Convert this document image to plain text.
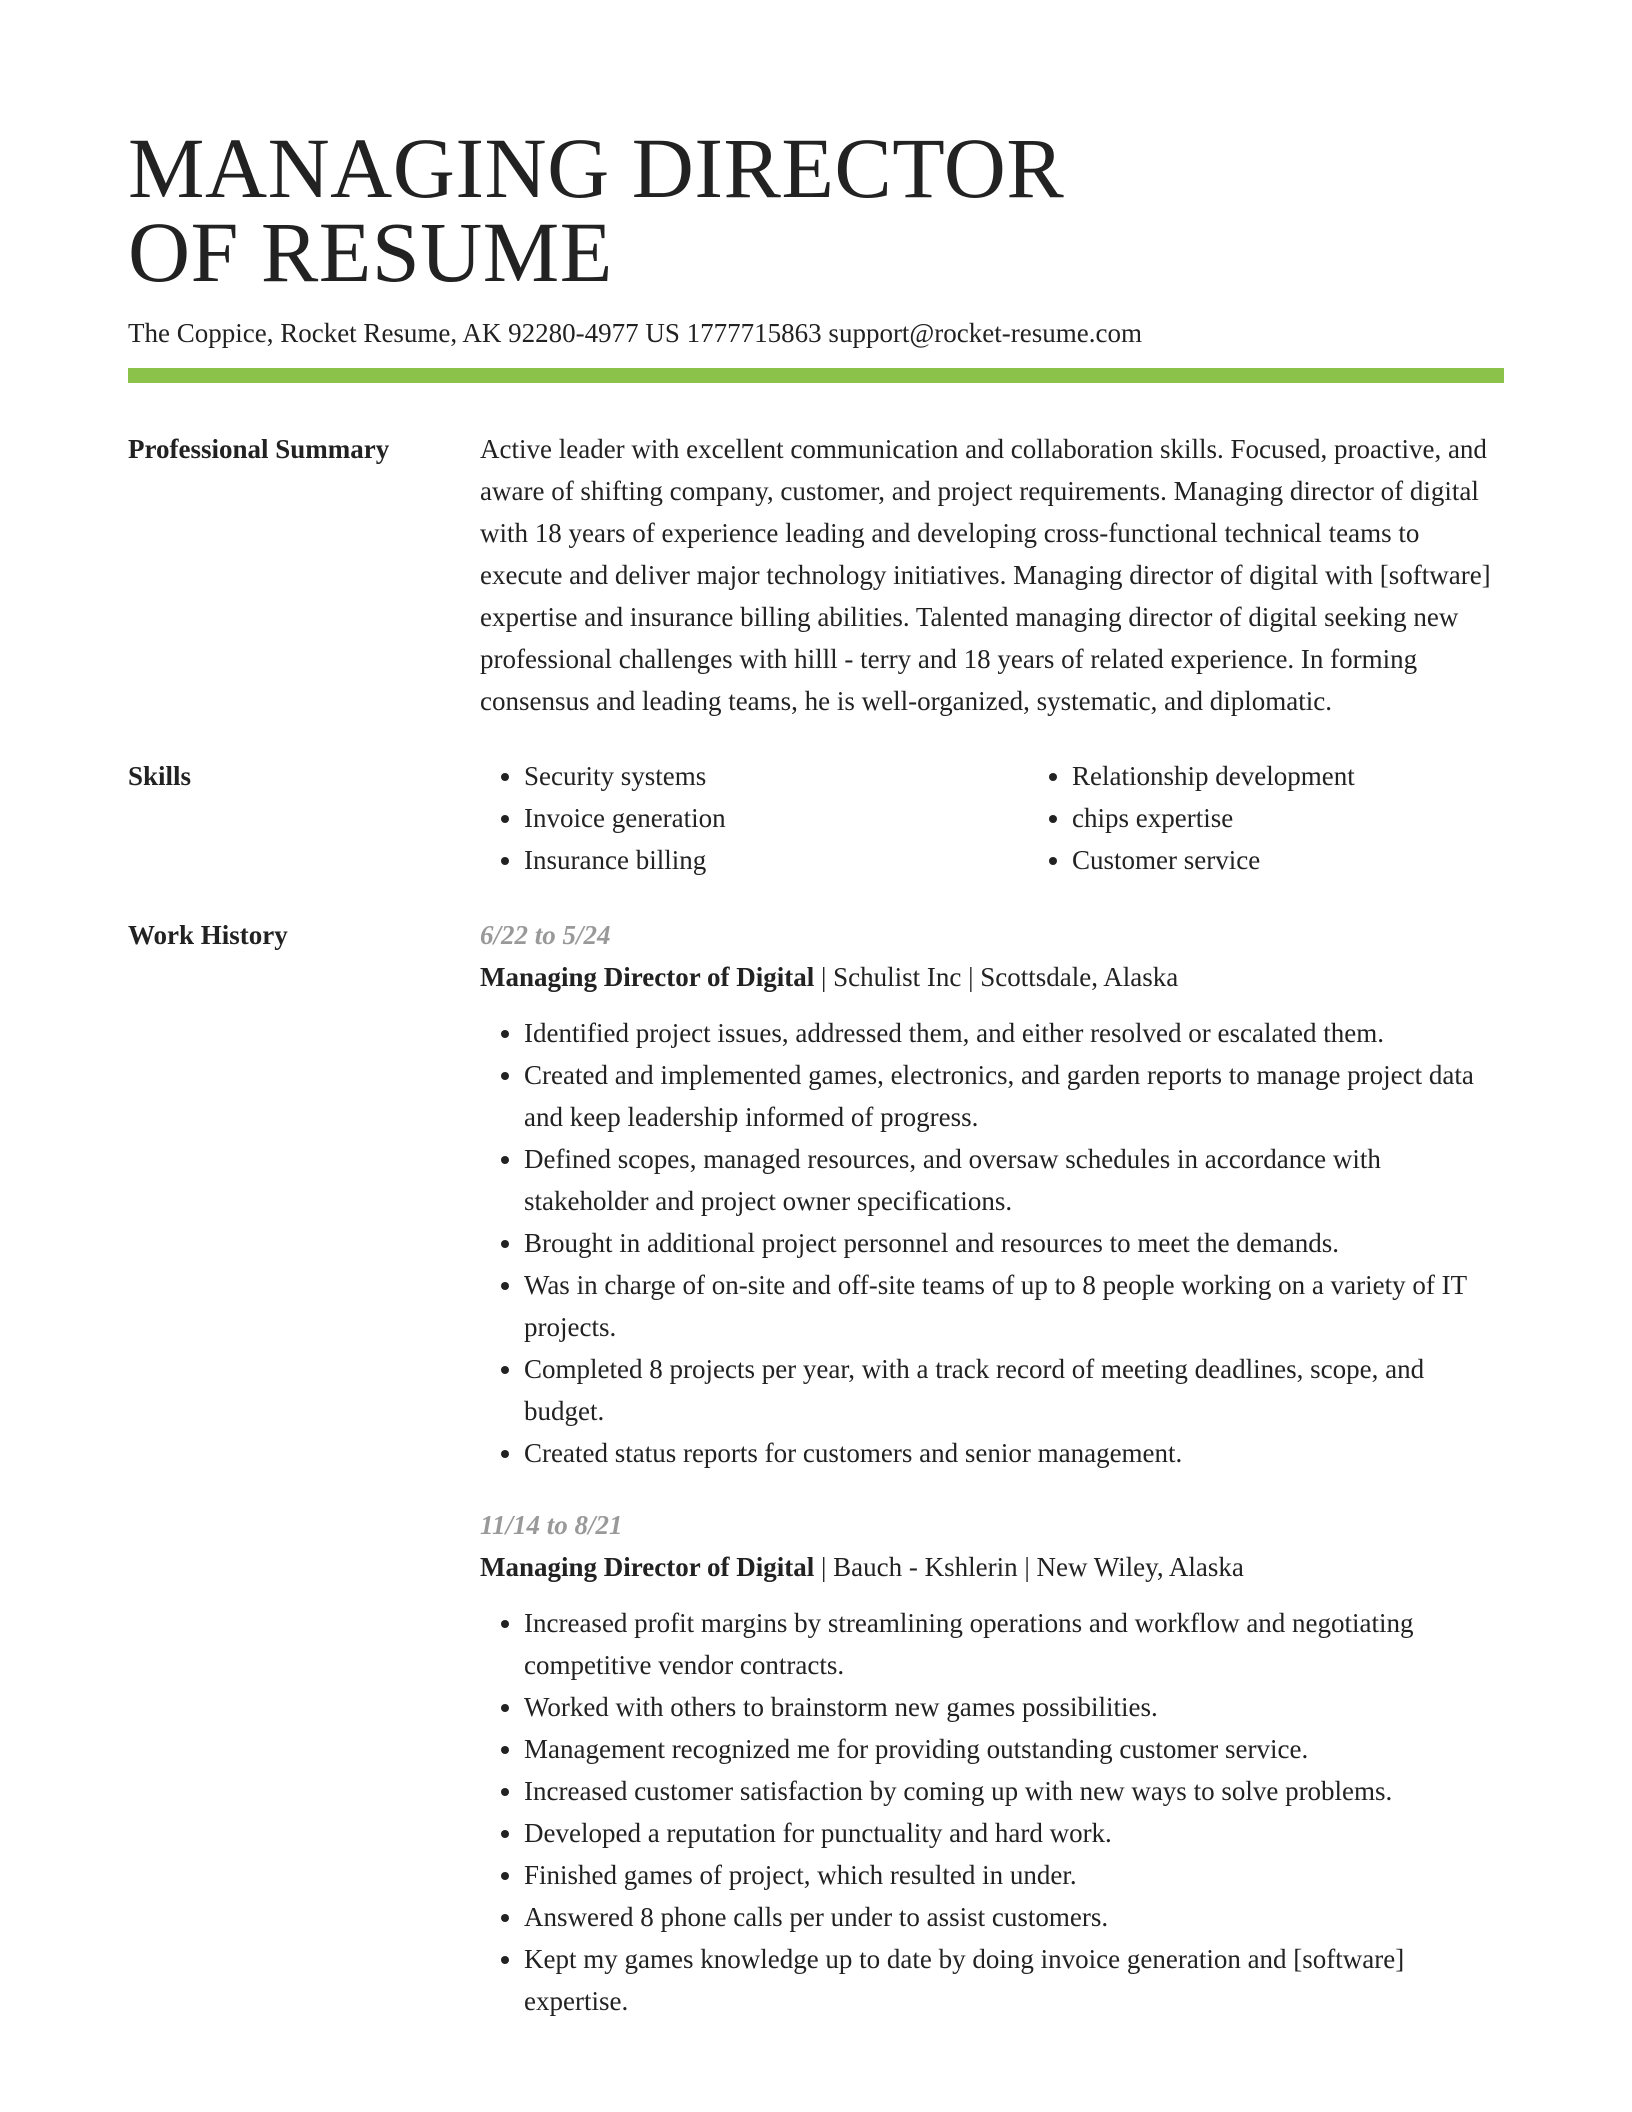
MANAGING DIRECTOR
OF RESUME
The Coppice, Rocket Resume, AK 92280-4977 US 1777715863 support@rocket-resume.com
Professional Summary	Active leader with excellent communication and collaboration skills. Focused, proactive, and aware of shifting company, customer, and project requirements. Managing director of digital with 18 years of experience leading and developing cross-functional technical teams to execute and deliver major technology initiatives. Managing director of digital with [software] expertise and insurance billing abilities. Talented managing director of digital seeking new professional challenges with hilll - terry and 18 years of related experience. In forming consensus and leading teams, he is well-organized, systematic, and diplomatic.
Skills
•	Security systems
• Invoice generation
• Insurance billing
• Relationship development
• chips expertise
• Customer service
Work History	6/22 to 5/24
Managing Director of Digital | Schulist Inc | Scottsdale, Alaska
• Identified project issues, addressed them, and either resolved or escalated them.
• Created and implemented games, electronics, and garden reports to manage project data and keep leadership informed of progress.
• Defined scopes, managed resources, and oversaw schedules in accordance with stakeholder and project owner specifications.
• Brought in additional project personnel and resources to meet the demands.
• Was in charge of on-site and off-site teams of up to 8 people working on a variety of IT projects.
• Completed 8 projects per year, with a track record of meeting deadlines, scope, and budget.
• Created status reports for customers and senior management.
11/14 to 8/21
Managing Director of Digital | Bauch - Kshlerin | New Wiley, Alaska
• Increased profit margins by streamlining operations and workflow and negotiating competitive vendor contracts.
• Worked with others to brainstorm new games possibilities.
• Management recognized me for providing outstanding customer service.
• Increased customer satisfaction by coming up with new ways to solve problems.
• Developed a reputation for punctuality and hard work.
• Finished games of project, which resulted in under.
• Answered 8 phone calls per under to assist customers.
• Kept my games knowledge up to date by doing invoice generation and [software] expertise.
